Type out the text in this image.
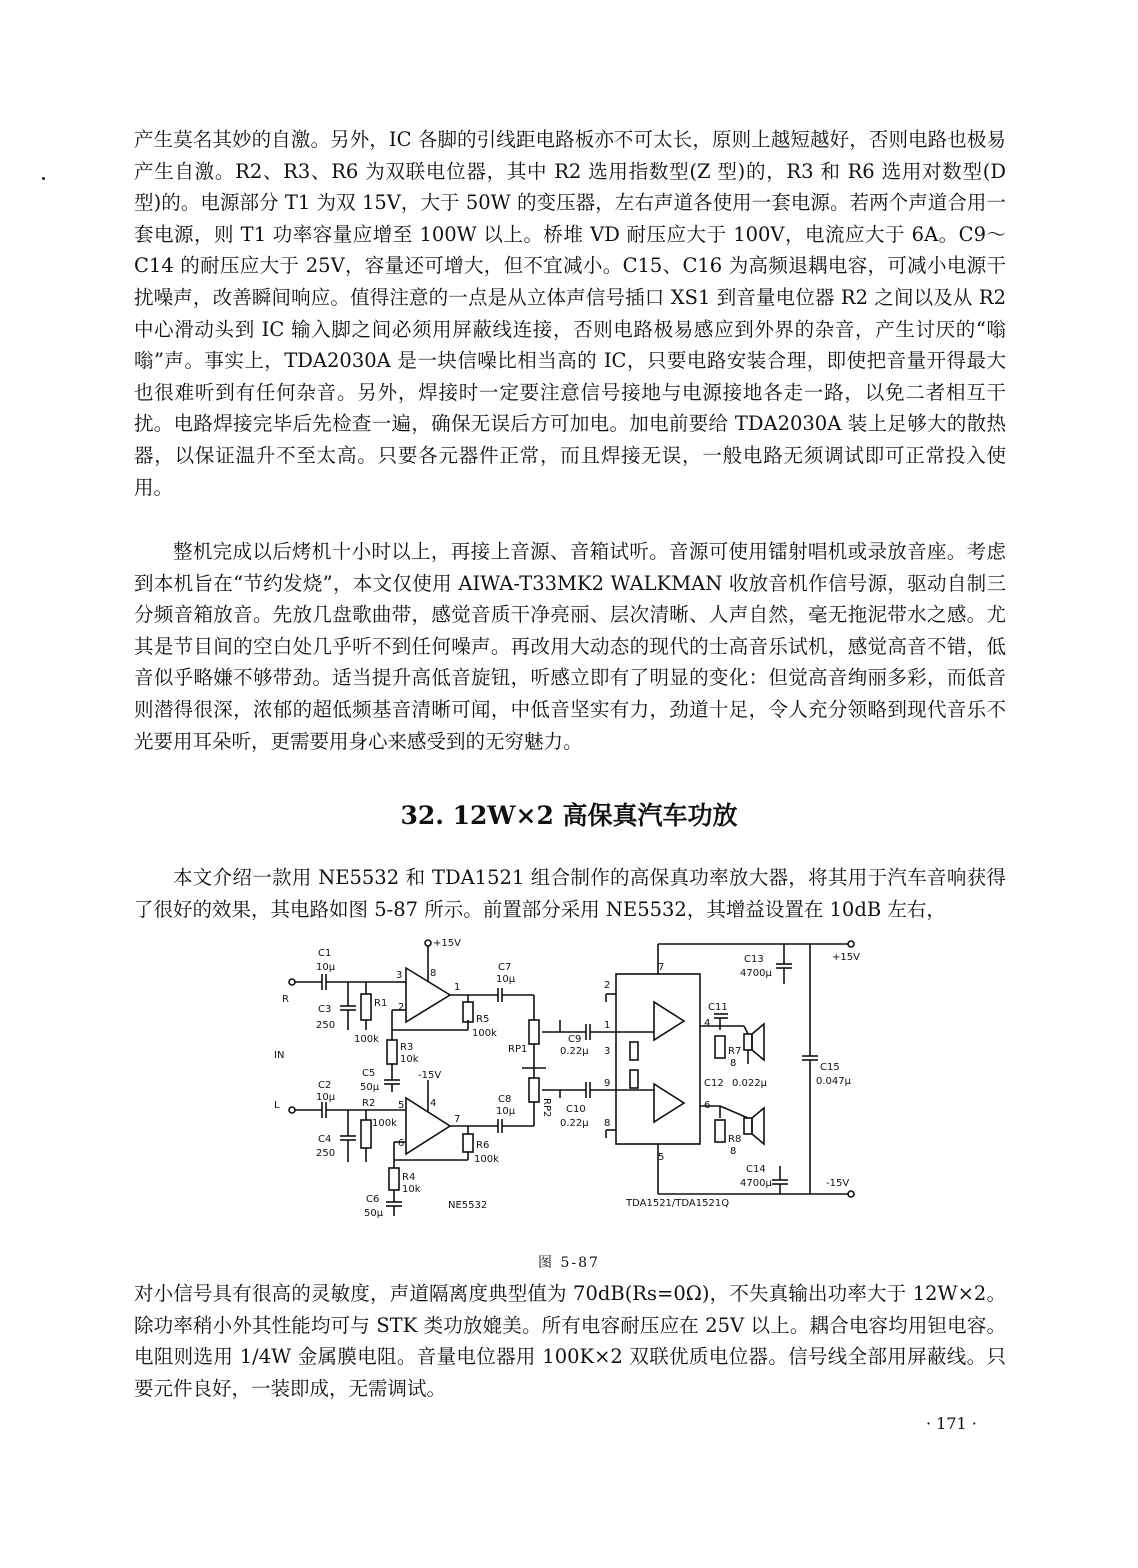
产生莫名其妙的自激。另外，IC 各脚的引线距电路板亦不可太长，原则上越短越好，否则电路也极易产生自激。R2、R3、R6 为双联电位器，其中 R2 选用指数型(Z 型)的，R3 和 R6 选用对数型(D 型)的。电源部分 T1 为双 15V，大于 50W 的变压器，左右声道各使用一套电源。若两个声道合用一套电源，则 T1 功率容量应增至 100W 以上。桥堆 VD 耐压应大于 100V，电流应大于 6A。C9～C14 的耐压应大于 25V，容量还可增大，但不宜减小。C15、C16 为高频退耦电容，可减小电源干扰噪声，改善瞬间响应。值得注意的一点是从立体声信号插口 XS1 到音量电位器 R2 之间以及从 R2 中心滑动头到 IC 输入脚之间必须用屏蔽线连接，否则电路极易感应到外界的杂音，产生讨厌的“嗡嗡”声。事实上，TDA2030A 是一块信噪比相当高的 IC，只要电路安装合理，即使把音量开得最大也很难听到有任何杂音。另外，焊接时一定要注意信号接地与电源接地各走一路，以免二者相互干扰。电路焊接完毕后先检查一遍，确保无误后方可加电。加电前要给 TDA2030A 装上足够大的散热器，以保证温升不至太高。只要各元器件正常，而且焊接无误，一般电路无须调试即可正常投入使用。

整机完成以后烤机十小时以上，再接上音源、音箱试听。音源可使用镭射唱机或录放音座。考虑到本机旨在“节约发烧”，本文仅使用 AIWA-T33MK2 WALKMAN 收放音机作信号源，驱动自制三分频音箱放音。先放几盘歌曲带，感觉音质干净亮丽、层次清晰、人声自然，毫无拖泥带水之感。尤其是节目间的空白处几乎听不到任何噪声。再改用大动态的现代的士高音乐试机，感觉高音不错，低音似乎略嫌不够带劲。适当提升高低音旋钮，听感立即有了明显的变化：但觉高音绚丽多彩，而低音则潜得很深，浓郁的超低频基音清晰可闻，中低音坚实有力，劲道十足，令人充分领略到现代音乐不光要用耳朵听，更需要用身心来感受到的无穷魅力。

32. 12W×2 高保真汽车功放

本文介绍一款用 NE5532 和 TDA1521 组合制作的高保真功率放大器，将其用于汽车音响获得了很好的效果，其电路如图 5-87 所示。前置部分采用 NE5532，其增益设置在 10dB 左右，

C1
10μ
R
C3
250
R1
100k
3
2
+15V
8
1
R5
100k
R3
10k
C5
50μ
C7
10μ
IN
C2
10μ
L
C4
250
R2
100k
5
6
-15V
4
7
R6
100k
R4
10k
C6
50μ
NE5532
C8
10μ
RP1
RP2
C9
0.22μ
C10
0.22μ
2
1
3
9
8
7
5
4
6
TDA1521/TDA1521Q
C11
R7
8
C12 0.022μ
R8
8
+15V
-15V
C13
4700μ
C14
4700μ
C15
0.047μ

图 5-87

对小信号具有很高的灵敏度，声道隔离度典型值为 70dB(Rs=0Ω)，不失真输出功率大于 12W×2。除功率稍小外其性能均可与 STK 类功放媲美。所有电容耐压应在 25V 以上。耦合电容均用钽电容。电阻则选用 1/4W 金属膜电阻。音量电位器用 100K×2 双联优质电位器。信号线全部用屏蔽线。只要元件良好，一装即成，无需调试。

· 171 ·
